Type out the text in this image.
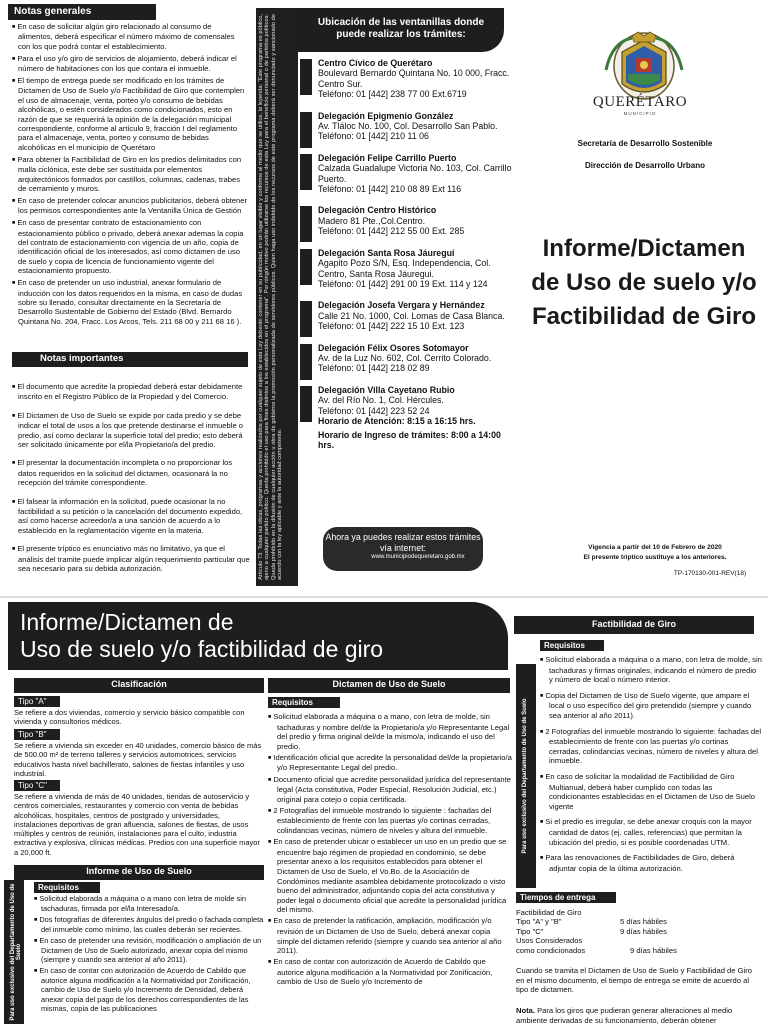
Notas generales

■ En caso de solicitar algún giro relacionado al consumo de alimentos, deberá especificar el número máximo de comensales con los que podrá contar el establecimiento.

■ Para el uso y/o giro de servicios de alojamiento, deberá indicar el número de habitaciones con los que contara el inmueble.

■ El tiempo de entrega puede ser modificado en los trámites de Dictamen de Uso de Suelo y/o Factibilidad de Giro que contemplen el uso de almacenaje, venta, porteo y/o consumo de bebidas alcohólicas, o estén considerados como condicionados, esto en razón de que se requerirá la opinión de la delegación municipal correspondiente, conforme al artículo 9, fracción I del reglamento para el almacenaje, venta, porteo y consumo de bebidas alcohólicas en el municipio de Querétaro

■ Para obtener la Factibilidad de Giro en los predios delimitados con malla ciclónica, este debe ser sustituida por elementos arquitectónicos formados por castillos, columnas, cadenas, trabes de cerramiento y muros.

■ En caso de pretender colocar anuncios publicitarios, deberá obtener los permisos correspondientes ante la Ventanilla Única de Gestión

■ En caso de presentar contrato de estacionamiento con estacionamiento público o privado, deberá anexar ademas la copia del contrato de estacionamiento con vigencia de un año, copia de identificación oficial de los interesados, así como dictamen de uso de suelo y copia de licencia de funcionamiento vigente del estacionamiento propuesto.

■ En caso de pretender un uso industrial, anexar formulario de inducción con los datos requeridos en la misma, en caso de dudas sobre su llenado, consultar directamente en la Secretaría de Desarrollo Sustentable de Gobierno del Estado (Blvd. Bernardo Quintana No. 204, Fracc. Los Arcos, Tels. 211 68 00 y 211 68 16 ).

Notas importantes

■ El documento que acredite la propiedad deberá estar debidamente inscrito en el Registro Público de la Propiedad y del Comercio.

■ El Dictamen de Uso de Suelo se expide por cada predio y se debe indicar el total de usos a los que pretende destinarse el inmueble o predio, así como declarar la superficie total del predio; esto deberá ser solicitado únicamente por el/la Propietario/a del predio.

■ El presentar la documentación incompleta o no proporcionar los datos requeridos en la solicitud del dictamen, ocasionará la no recepción del trámite correspondiente.

■ El falsear la información en la solicitud, puede ocasionar la no factibilidad a su petición o la cancelación del documento expedido, así como hacerse acreedor/a a una sanción de acuerdo a lo establecido en la reglamentación vigente en la materia.

■ El presente tríptico es enunciativo más no limitativo, ya que el análisis del tramite puede implicar algún requerimiento particular que sea necesario para su debida autorización.	Artículo 73. Todas las obras, programas y acciones realizados por cualquier sujeto de esta Ley deberán contener en su publicidad, en un lugar visible y conforme al medio que se utilice, la leyenda: "Este programa es público, ajeno a cualquier partido político. Queda prohibido el uso para fines distintos a los establecidos en el programa". Por ningún motivo podrán utilizarse los recursos de esta Ley para el beneficio personal o de partidos políticos. Queda prohibido en la difusión de cualquier acción u obra de gobierno la promoción personalizada de servidores públicos. Quien haga uso indebido de los recursos de este programa deberá ser denunciado y sancionado de acuerdo con la ley aplicable y ante la autoridad competente.
Ubicación de las ventanillas donde puede realizar los trámites:
Centro Cívico de Querétaro
Boulevard Bernardo Quintana No. 10 000, Fracc. Centro Sur.
Teléfono: 01 [442] 238 77 00 Ext.6719
Delegación Epigmenio González
Av. Tláloc No. 100, Col. Desarrollo San Pablo.
Teléfono: 01 [442] 210 11 06
Delegación Felipe Carrillo Puerto
Calzada Guadalupe Victoria No. 103, Col. Carrillo Puerto.
Teléfono: 01 [442] 210 08 89 Ext 116
Delegación Centro Histórico
Madero 81 Pte.,Col.Centro.
Teléfono: 01 [442] 212 55 00 Ext. 285
Delegación Santa Rosa Jáuregui
Agapito Pozo S/N, Esq. Independencia, Col. Centro, Santa Rosa Jáuregui.
Teléfono: 01 [442] 291 00 19 Ext. 114 y 124
Delegación Josefa Vergara y Hernández
Calle 21 No. 1000, Col. Lomas de Casa Blanca.
Teléfono: 01 [442] 222 15 10 Ext. 123
Delegación Félix Osores Sotomayor
Av. de la Luz No. 602, Col. Cerrito Colorado.
Teléfono: 01 [442] 218 02 89
Delegación Villa Cayetano Rubio
Av. del Río No. 1, Col. Hércules.
Teléfono: 01 [442] 223 52 24
Horario de Atención: 8:15 a 16:15 hrs.
Horario de Ingreso de trámites: 8:00 a 14:00 hrs.
Ahora ya puedes realizar estos trámites vía internet:
www.municipiodequeretaro.gob.mx
QUERÉTARO
MUNICIPIO
Secretaría de Desarrollo Sostenible
Dirección de Desarrollo Urbano
Informe/Dictamen de Uso de suelo y/o Factibilidad de Giro
Vigencia a partir del 10 de Febrero de 2020
El presente tríptico sustituye a los anteriores.
TP-170130-001-REV(18)
Informe/Dictamen de
Uso de suelo y/o factibilidad de giro
Factibilidad de Giro
Clasificación
Tipo "A"
Se refiere a dos viviendas, comercio y servicio básico compatible con vivienda y consultorios médicos.
Tipo "B"
Se refiere a vivienda sin exceder en 40 unidades, comercio básico de más de 500.00 m² de terreno talleres y servicios automotrices, servicios educativos hasta nivel bachillerato, salones de fiestas infantiles y uso industrial.
Tipo "C"
Se refiere a vivienda de más de 40 unidades, tiendas de autoservicio y centros comerciales, restaurantes y comercio con venta de bebidas alcohólicas, hospitales, centros de postgrado y universidades, instalaciones deportivas de gran afluencia, salones de fiestas, de usos múltiples y centros de reunión, instalaciones para el culto, industria extractiva y explosiva, clínicas médicas. Predios con una superficie mayor a 20,000 ft.
Informe de Uso de Suelo
Requisitos
Para uso exclusivo del Departamento de Uso de Suelo

■ Solicitud elaborada a máquina o a mano con letra de molde sin tachaduras, firmada por el/la Interesado/a.

■ Dos fotografías de diferentes ángulos del predio o fachada completa del inmueble como mínimo, las cuales deberán ser recientes.

■ En caso de pretender una revisión, modificación o ampliación de un Dictamen de Uso de Suelo autorizado, anexar copia del mismo (siempre y cuando sea anterior al año 2011).

■ En caso de contar con autorización de Acuerdo de Cabildo que autorice alguna modificación a la Normatividad por Zonificación, cambio de Uso de Suelo y/o Incremento de Densidad, deberá anexar copia del pago de los derechos correspondientes de las mismas, copia de las publicaciones

Dictamen de Uso de Suelo
Requisitos

■ Solicitud elaborada a máquina o a mano, con letra de molde, sin tachaduras y nombre del/de la Propietario/a y/o Representante Legal del predio y firma original del/de la mismo/a, indicando el uso del predio.

■ Identificación oficial que acredite la personalidad del/de la propietario/a y/o Representante Legal del predio.

■ Documento oficial que acredite personalidad jurídica del representante legal (Acta constitutiva, Poder Especial, Resolución Judicial, etc.) original para cotejo o copia certificada.

■ 2 Fotografías del inmueble mostrando lo siguiente : fachadas del establecimiento de frente con las puertas y/o cortinas cerradas, colindancias vecinas, número de niveles y altura del inmueble.

■ En caso de pretender ubicar o establecer un uso en un predio que se encuentre bajo régimen de propiedad en condominio, se debe presentar anexo a los requisitos establecidos para obtener el Dictamen de Uso de Suelo, el Vo.Bo. de la Asociación de Condóminos mediante asamblea debidamente protocolizado o visto bueno del administrador, adjuntando copia del acta constitutiva y poder legal o documento oficial que acredite la personalidad jurídica del mismo.

■ En caso de pretender la ratificación, ampliación, modificación y/o revisión de un Dictamen de Uso de Suelo, deberá anexar copia simple del dictamen referido (siempre y cuando sea anterior al año 2011).

■ En caso de contar con autorización de Acuerdo de Cabildo que autorice alguna modificación a la Normatividad por Zonificación, cambio de Uso de Suelo y/o Incremento de

Requisitos
Para uso exclusivo del Departamento de Uso de Suelo

■ Solicitud elaborada a máquina o a mano, con letra de molde, sin tachaduras y firmas originales, indicando el número de predio y número de local o número interior.

■ Copia del Dictamen de Uso de Suelo vigente, que ampare el local o uso específico del giro pretendido (siempre y cuando sea anterior al año 2011).

■ 2 Fotografías del inmueble mostrando lo siguiente: fachadas del establecimiento de frente con las puertas y/o cortinas cerradas, colindancias vecinas, número de niveles y altura del inmueble.

■ En caso de solicitar la modalidad de Factibilidad de Giro Multianual, deberá haber cumplido con todas las condicionantes establecidas en el Dictamen de Uso de Suelo vigente

■ Si el predio es irregular, se debe anexar croquis con la mayor cantidad de datos (ej. calles, referencias) que permitan la ubicación del predio, si es posible coordenadas UTM.

■ Para las renovaciones de Factibilidades de Giro, deberá adjuntar copia de la última autorización.

Tiempos de entrega
Factibilidad de Giro
Tipo "A" y "B"	5 días hábiles
Tipo "C"	9 días hábiles
Usos Considerados
como condicionados	9 días hábiles
Cuando se tramita el Dictamen de Uso de Suelo y Factibilidad de Giro en el mismo documento, el tiempo de entrega se emite de acuerdo al tipo de dictamen.
Nota. Para los giros que pudieran generar alteraciones al medio ambiente derivadas de su funcionamiento, deberán obtener
